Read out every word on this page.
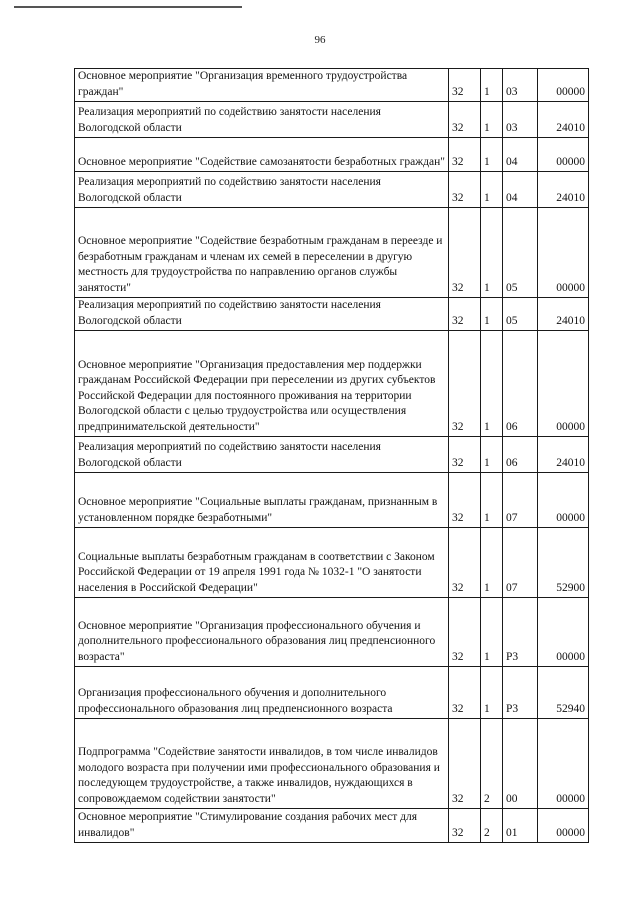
96
Основное мероприятие "Организация временного трудоустройства граждан"	32	1	03	00000
Реализация мероприятий по содействию занятости населения Вологодской области	32	1	03	24010
Основное мероприятие "Содействие самозанятости безработных граждан"	32	1	04	00000
Реализация мероприятий по содействию занятости населения Вологодской области	32	1	04	24010
Основное мероприятие "Содействие безработным гражданам в переезде и безработным гражданам и членам их семей в переселении в другую местность для трудоустройства по направлению органов службы занятости"	32	1	05	00000
Реализация мероприятий по содействию занятости населения Вологодской области	32	1	05	24010
Основное мероприятие "Организация предоставления мер поддержки гражданам Российской Федерации при переселении из других субъектов Российской Федерации для постоянного проживания на территории Вологодской области с целью трудоустройства или осуществления предпринимательской деятельности"	32	1	06	00000
Реализация мероприятий по содействию занятости населения Вологодской области	32	1	06	24010
Основное мероприятие "Социальные выплаты гражданам, признанным в установленном порядке безработными"	32	1	07	00000
Социальные выплаты безработным гражданам в соответствии с Законом Российской Федерации от 19 апреля 1991 года № 1032-1 "О занятости населения в Российской Федерации"	32	1	07	52900
Основное мероприятие "Организация профессионального обучения и дополнительного профессионального образования лиц предпенсионного возраста"	32	1	P3	00000
Организация профессионального обучения и дополнительного профессионального образования лиц предпенсионного возраста	32	1	P3	52940
Подпрограмма "Содействие занятости инвалидов, в том числе инвалидов молодого возраста при получении ими профессионального образования и последующем трудоустройстве, а также инвалидов, нуждающихся в сопровождаемом содействии занятости"	32	2	00	00000
Основное мероприятие "Стимулирование создания рабочих мест для инвалидов"	32	2	01	00000
